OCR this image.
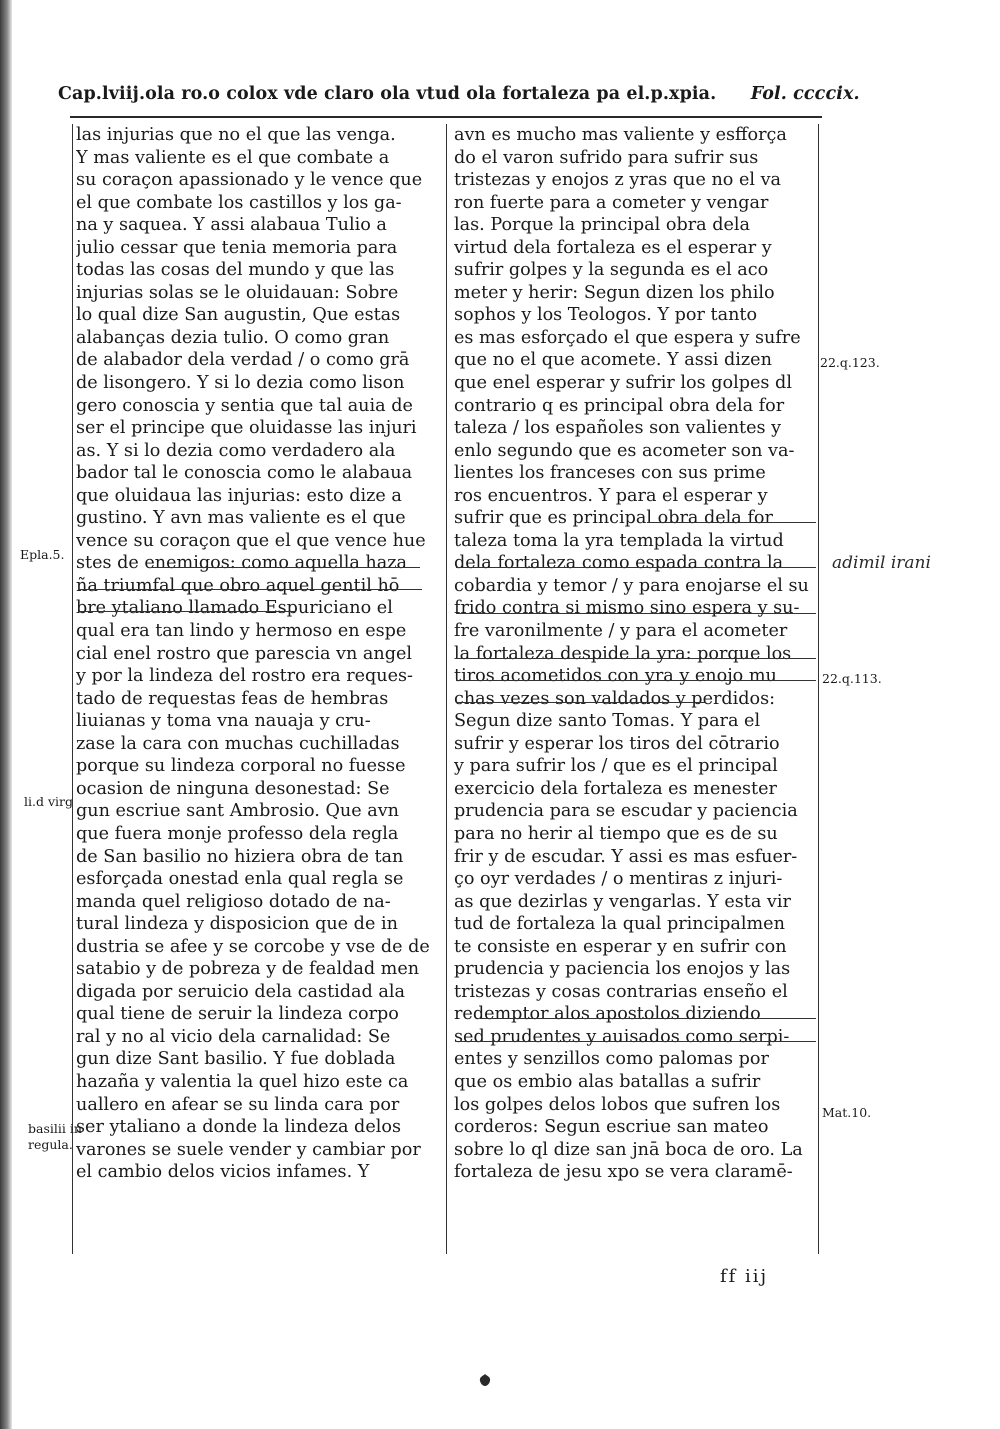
Cap.lviij.ola ro.o colox vde claro ola vtud ola fortaleza pa el.p.xpia. Fol. ccccix.
las injurias que no el que las venga.
Y mas valiente es el que combate a
su coraçon apassionado y le vence que
el que combate los castillos y los ga-
na y saquea. Y assi alabaua Tulio a
julio cessar que tenia memoria para
todas las cosas del mundo y que las
injurias solas se le oluidauan: Sobre
lo qual dize San augustin, Que estas
alabanças dezia tulio. O como gran
de alabador dela verdad / o como grā
de lisongero. Y si lo dezia como lison
gero conoscia y sentia que tal auia de
ser el principe que oluidasse las injuri
as. Y si lo dezia como verdadero ala
bador tal le conoscia como le alabaua
que oluidaua las injurias: esto dize a
gustino. Y avn mas valiente es el que
vence su coraçon que el que vence hue
stes de enemigos: como aquella haza
ña triumfal que obro aquel gentil hō
bre ytaliano llamado Espuriciano el
qual era tan lindo y hermoso en espe
cial enel rostro que parescia vn angel
y por la lindeza del rostro era reques-
tado de requestas feas de hembras
liuianas y toma vna nauaja y cru-
zase la cara con muchas cuchilladas
porque su lindeza corporal no fuesse
ocasion de ninguna desonestad: Se
gun escriue sant Ambrosio. Que avn
que fuera monje professo dela regla
de San basilio no hiziera obra de tan
esforçada onestad enla qual regla se
manda quel religioso dotado de na-
tural lindeza y disposicion que de in
dustria se afee y se corcobe y vse de de
satabio y de pobreza y de fealdad men
digada por seruicio dela castidad ala
qual tiene de seruir la lindeza corpo
ral y no al vicio dela carnalidad: Se
gun dize Sant basilio. Y fue doblada
hazaña y valentia la quel hizo este ca
uallero en afear se su linda cara por
ser ytaliano a donde la lindeza delos
varones se suele vender y cambiar por
el cambio delos vicios infames. Y
avn es mucho mas valiente y esfforça
do el varon sufrido para sufrir sus
tristezas y enojos z yras que no el va
ron fuerte para a cometer y vengar
las. Porque la principal obra dela
virtud dela fortaleza es el esperar y
sufrir golpes y la segunda es el aco
meter y herir: Segun dizen los philo
sophos y los Teologos. Y por tanto
es mas esforçado el que espera y sufre
que no el que acomete. Y assi dizen
que enel esperar y sufrir los golpes dl
contrario q es principal obra dela for
taleza / los españoles son valientes y
enlo segundo que es acometer son va-
lientes los franceses con sus prime
ros encuentros. Y para el esperar y
sufrir que es principal obra dela for
taleza toma la yra templada la virtud
dela fortaleza como espada contra la
cobardia y temor / y para enojarse el su
frido contra si mismo sino espera y su-
fre varonilmente / y para el acometer
la fortaleza despide la yra: porque los
tiros acometidos con yra y enojo mu
chas vezes son valdados y perdidos:
Segun dize santo Tomas. Y para el
sufrir y esperar los tiros del cōtrario
y para sufrir los / que es el principal
exercicio dela fortaleza es menester
prudencia para se escudar y paciencia
para no herir al tiempo que es de su
frir y de escudar. Y assi es mas esfuer-
ço oyr verdades / o mentiras z injuri-
as que dezirlas y vengarlas. Y esta vir
tud de fortaleza la qual principalmen
te consiste en esperar y en sufrir con
prudencia y paciencia los enojos y las
tristezas y cosas contrarias enseño el
redemptor alos apostolos diziendo
sed prudentes y auisados como serpi-
entes y senzillos como palomas por
que os embio alas batallas a sufrir
los golpes delos lobos que sufren los
corderos: Segun escriue san mateo
sobre lo ql dize san jnā boca de oro. La
fortaleza de jesu xpo se vera claramē-
Epla.5.
li.d virg
basilii in
regula.
22.q.123.
adimil irani
22.q.113.
Mat.10.
ff iij
